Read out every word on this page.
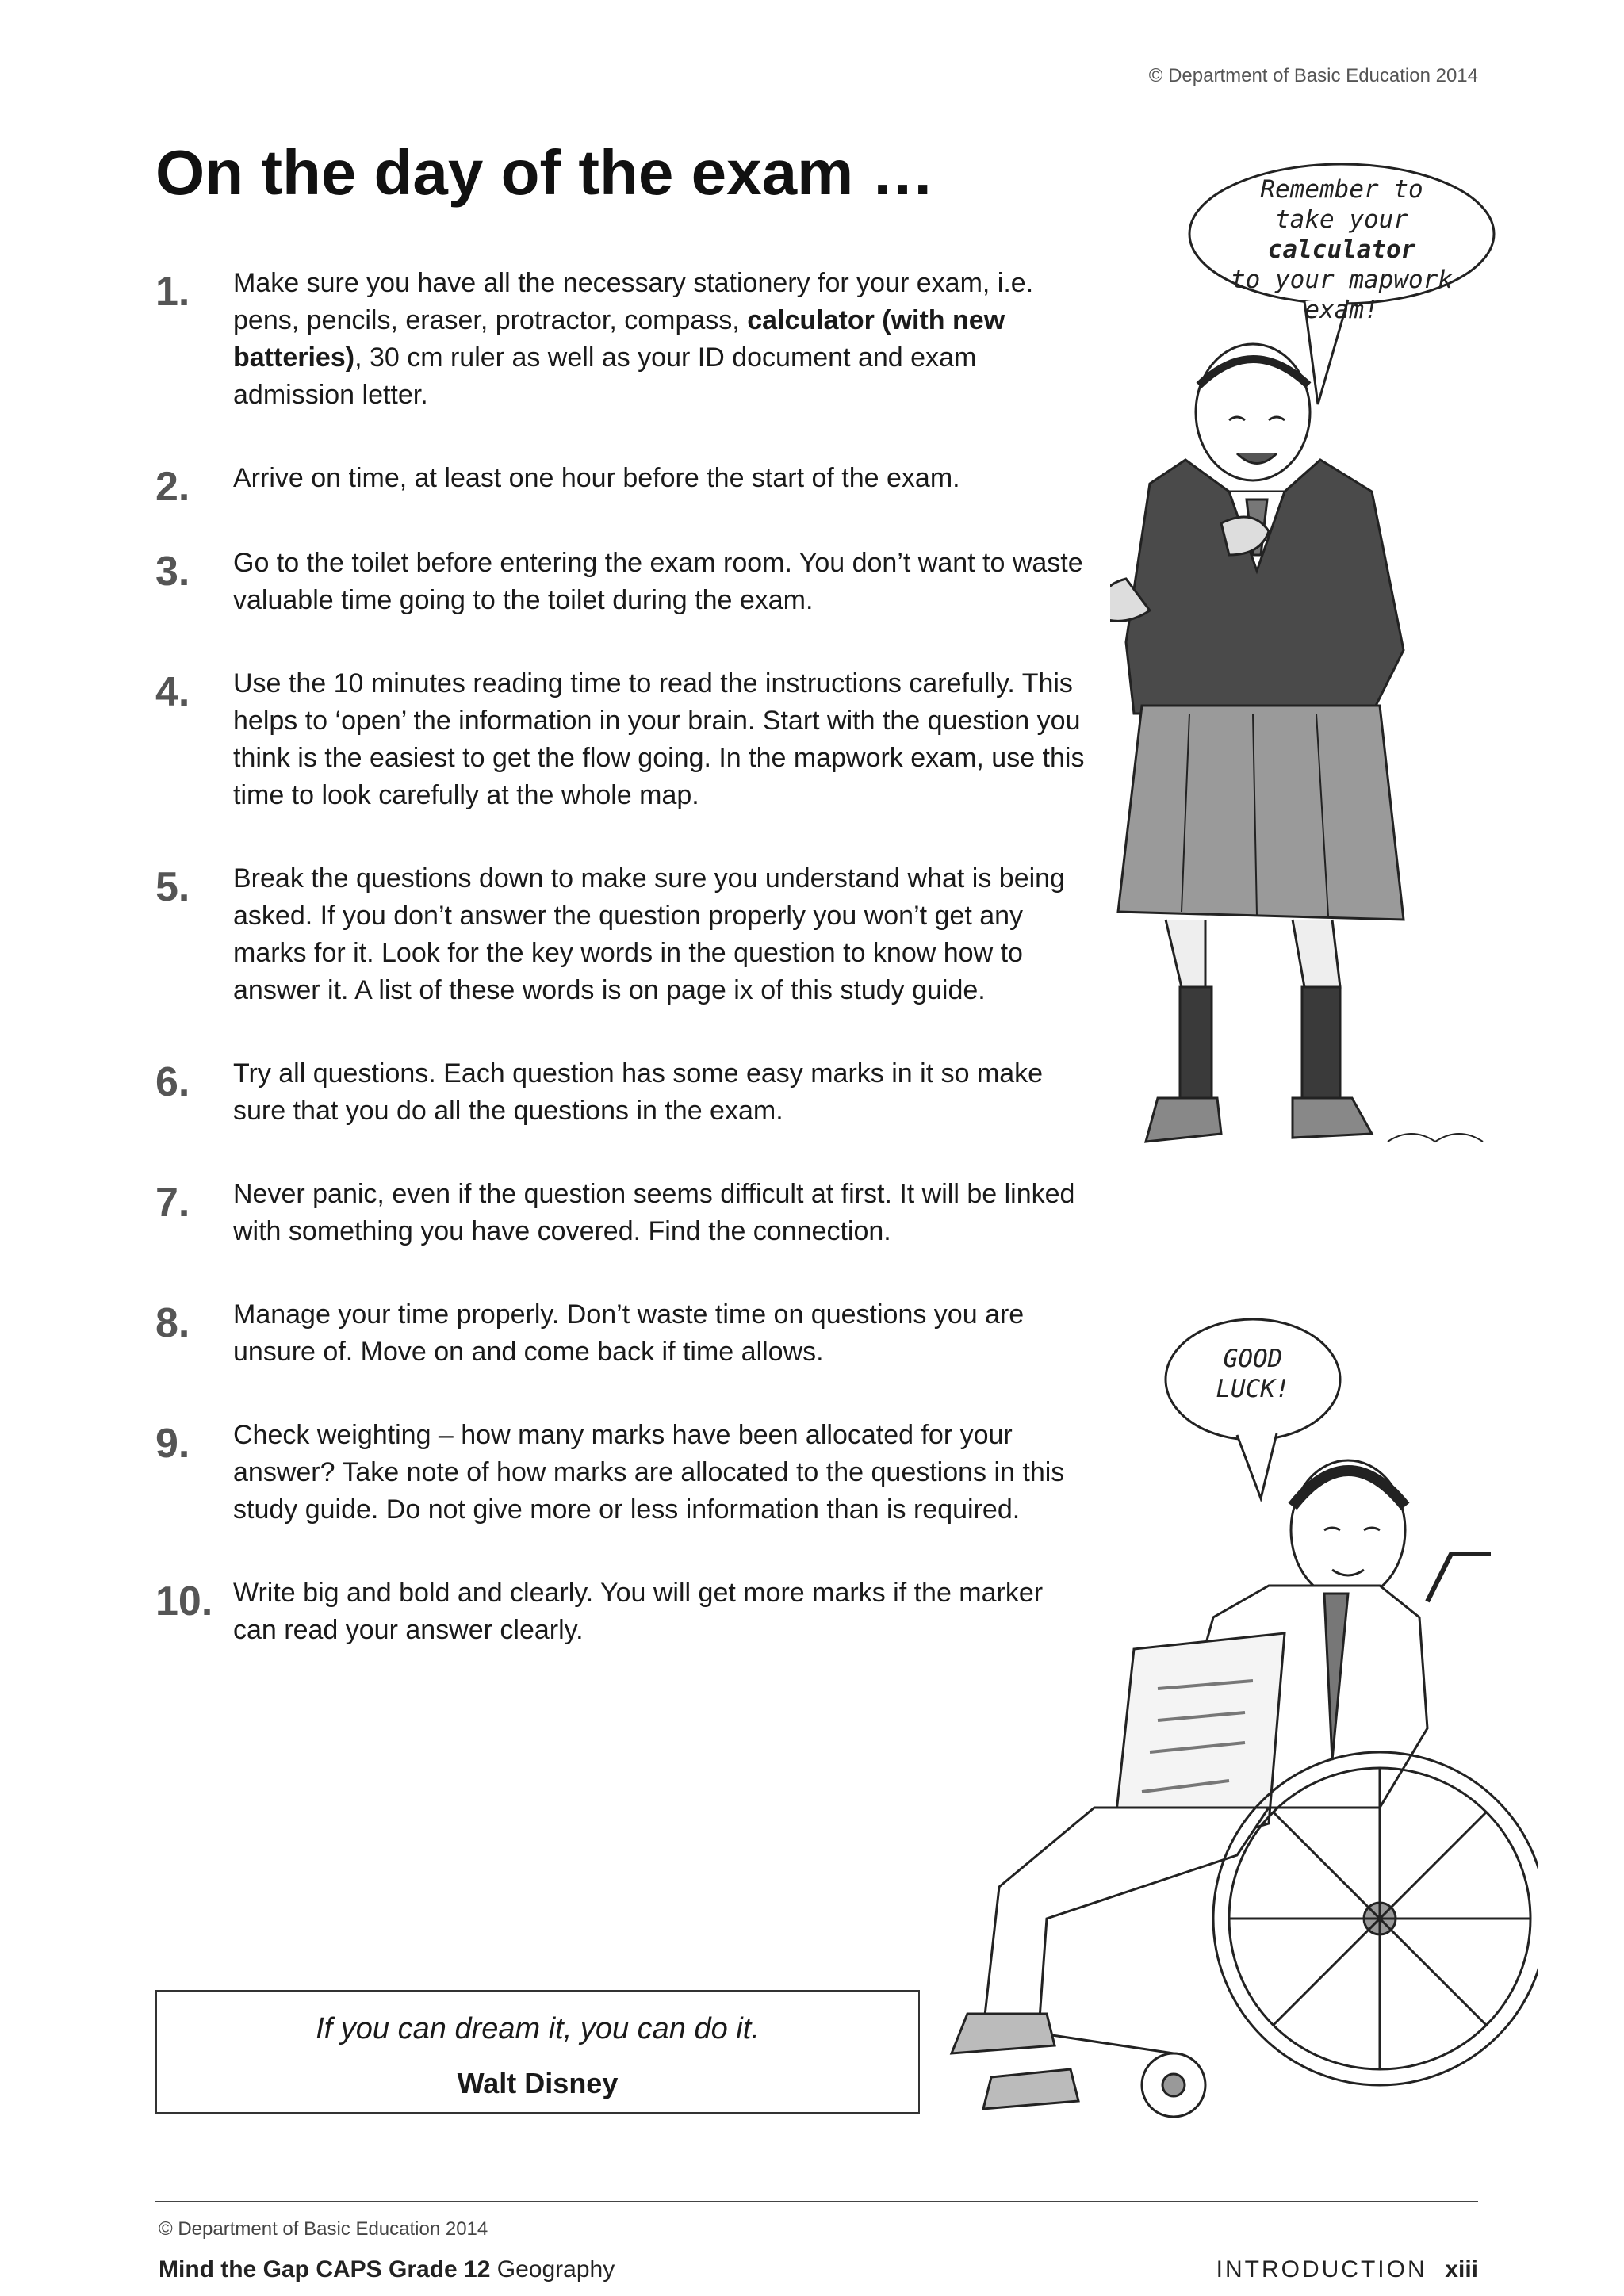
© Department of Basic Education 2014
On the day of the exam …
1. Make sure you have all the necessary stationery for your exam, i.e. pens, pencils, eraser, protractor, compass, calculator (with new batteries), 30 cm ruler as well as your ID document and exam admission letter.
2. Arrive on time, at least one hour before the start of the exam.
3. Go to the toilet before entering the exam room. You don’t want to waste valuable time going to the toilet during the exam.
4. Use the 10 minutes reading time to read the instructions carefully. This helps to ‘open’ the information in your brain. Start with the question you think is the easiest to get the flow going. In the mapwork exam, use this time to look carefully at the whole map.
5. Break the questions down to make sure you understand what is being asked. If you don’t answer the question properly you won’t get any marks for it. Look for the key words in the question to know how to answer it. A list of these words is on page ix of this study guide.
6. Try all questions. Each question has some easy marks in it so make sure that you do all the questions in the exam.
7. Never panic, even if the question seems difficult at first. It will be linked with something you have covered. Find the connection.
8. Manage your time properly. Don’t waste time on questions you are unsure of. Move on and come back if time allows.
9. Check weighting – how many marks have been allocated for your answer? Take note of how marks are allocated to the questions in this study guide. Do not give more or less information than is required.
10. Write big and bold and clearly. You will get more marks if the marker can read your answer clearly.
Remember to
take your calculator
to your mapwork
exam!
GOOD
LUCK!
If you can dream it, you can do it.
Walt Disney
© Department of Basic Education 2014
Mind the Gap CAPS Grade 12 Geography	INTRODUCTION xiii
